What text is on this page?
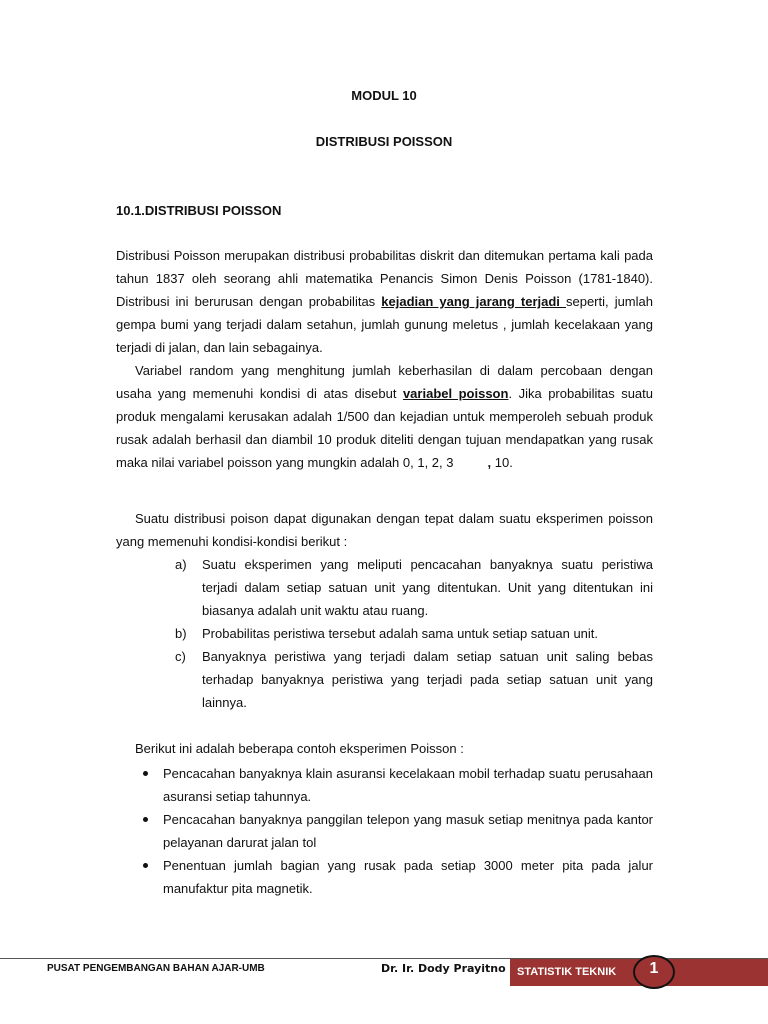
MODUL 10
DISTRIBUSI POISSON
10.1.DISTRIBUSI POISSON

Distribusi Poisson merupakan distribusi probabilitas diskrit dan ditemukan pertama kali pada tahun 1837 oleh seorang ahli matematika Penancis Simon Denis Poisson (1781-1840). Distribusi ini berurusan dengan probabilitas kejadian yang jarang terjadi seperti, jumlah gempa bumi yang terjadi dalam setahun, jumlah gunung meletus , jumlah kecelakaan yang terjadi di jalan, dan lain sebagainya.

Variabel random yang menghitung jumlah keberhasilan di dalam percobaan dengan usaha yang memenuhi kondisi di atas disebut variabel poisson. Jika probabilitas suatu produk mengalami kerusakan adalah 1/500 dan kejadian untuk memperoleh sebuah produk rusak adalah berhasil dan diambil 10 produk diteliti dengan tujuan mendapatkan yang rusak maka nilai variabel poisson yang mungkin adalah 0, 1, 2, 3	, 10.

Suatu distribusi poison dapat digunakan dengan tepat dalam suatu eksperimen poisson yang memenuhi kondisi-kondisi berikut :

a) Suatu eksperimen yang meliputi pencacahan banyaknya suatu peristiwa terjadi dalam setiap satuan unit yang ditentukan. Unit yang ditentukan ini biasanya adalah unit waktu atau ruang.
b) Probabilitas peristiwa tersebut adalah sama untuk setiap satuan unit.
c) Banyaknya peristiwa yang terjadi dalam setiap satuan unit saling bebas terhadap banyaknya peristiwa yang terjadi pada setiap satuan unit yang lainnya.
Berikut ini adalah beberapa contoh eksperimen Poisson :
Pencacahan banyaknya klain asuransi kecelakaan mobil terhadap suatu perusahaan asuransi setiap tahunnya.
Pencacahan banyaknya panggilan telepon yang masuk setiap menitnya pada kantor pelayanan darurat jalan tol
Penentuan jumlah bagian yang rusak pada setiap 3000 meter pita pada jalur manufaktur pita magnetik.
PUSAT PENGEMBANGAN BAHAN AJAR-UMB	Dr. Ir. Dody Prayitno STATISTIK TEKNIK	1
